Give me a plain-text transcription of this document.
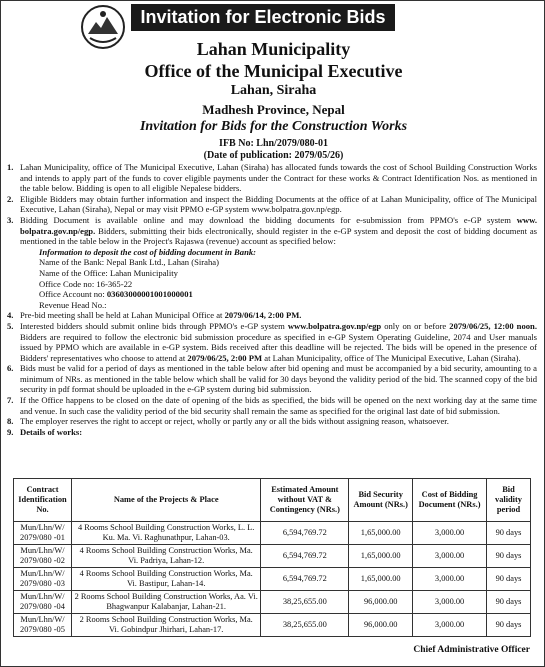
Invitation for Electronic Bids
Lahan Municipality
Office of the Municipal Executive
Lahan, Siraha
Madhesh Province, Nepal
Invitation for Bids for the Construction Works
IFB No: Lhn/2079/080-01
(Date of publication: 2079/05/26)
1. Lahan Municipality, office of The Municipal Executive, Lahan (Siraha) has allocated funds towards the cost of School Building Construction Works and intends to apply part of the funds to cover eligible payments under the Contract for these works & Contract Identification Nos. as mentioned in the table below. Bidding is open to all eligible Nepalese bidders.
2. Eligible Bidders may obtain further information and inspect the Bidding Documents at the office of at Lahan Municipality, office of The Municipal Executive, Lahan (Siraha), Nepal or may visit PPMO e-GP system www.bolpatra.gov.np/egp.
3. Bidding Document is available online and may download the bidding documents for e-submission from PPMO's e-GP system www. bolpatra.gov.np/egp. Bidders, submitting their bids electronically, should register in the e-GP system and deposit the cost of bidding document as mentioned in the table below in the Project's Rajaswa (revenue) account as specified below:
Information to deposit the cost of bidding document in Bank:
Name of the Bank: Nepal Bank Ltd., Lahan (Siraha)
Name of the Office: Lahan Municipality
Office Code no: 16-365-22
Office Account no: 03603000001001000001
Revenue Head No.:
4. Pre-bid meeting shall be held at Lahan Municipal Office at 2079/06/14, 2:00 PM.
5. Interested bidders should submit online bids through PPMO's e-GP system www.bolpatra.gov.np/egp only on or before 2079/06/25, 12:00 noon. Bidders are required to follow the electronic bid submission procedure as specified in e-GP System Operating Guideline, 2074 and User manuals issued by PPMO which are available in e-GP system. Bids received after this deadline will be rejected. The bids will be opened in the presence of Bidders' representatives who choose to attend at 2079/06/25, 2:00 PM at Lahan Municipality, office of The Municipal Executive, Lahan (Siraha).
6. Bids must be valid for a period of days as mentioned in the table below after bid opening and must be accompanied by a bid security, amounting to a minimum of NRs. as mentioned in the table below which shall be valid for 30 days beyond the validity period of the bid. The scanned copy of the bid security in pdf format should be uploaded in the e-GP system during bid submission.
7. If the Office happens to be closed on the date of opening of the bids as specified, the bids will be opened on the next working day at the same time and venue. In such case the validity period of the bid security shall remain the same as specified for the original last date of bid submission.
8. The employer reserves the right to accept or reject, wholly or partly any or all the bids without assigning reason, whatsoever.
9. Details of works:
Contract Identification No.	Name of the Projects & Place	Estimated Amount without VAT & Contingency (NRs.)	Bid Security Amount (NRs.)	Cost of Bidding Document (NRs.)	Bid validity period
Mun/Lhn/W/ 2079/080 -01	4 Rooms School Building Construction Works, L. L. Ku. Ma. Vi. Raghunathpur, Lahan-03.	6,594,769.72	1,65,000.00	3,000.00	90 days
Mun/Lhn/W/ 2079/080 -02	4 Rooms School Building Construction Works, Ma. Vi. Padriya, Lahan-12.	6,594,769.72	1,65,000.00	3,000.00	90 days
Mun/Lhn/W/ 2079/080 -03	4 Rooms School Building Construction Works, Ma. Vi. Bastipur, Lahan-14.	6,594,769.72	1,65,000.00	3,000.00	90 days
Mun/Lhn/W/ 2079/080 -04	2 Rooms School Building Construction Works, Aa. Vi. Bhagwanpur Kalabanjar, Lahan-21.	38,25,655.00	96,000.00	3,000.00	90 days
Mun/Lhn/W/ 2079/080 -05	2 Rooms School Building Construction Works, Ma. Vi. Gobindpur Jhirhari, Lahan-17.	38,25,655.00	96,000.00	3,000.00	90 days
Chief Administrative Officer
